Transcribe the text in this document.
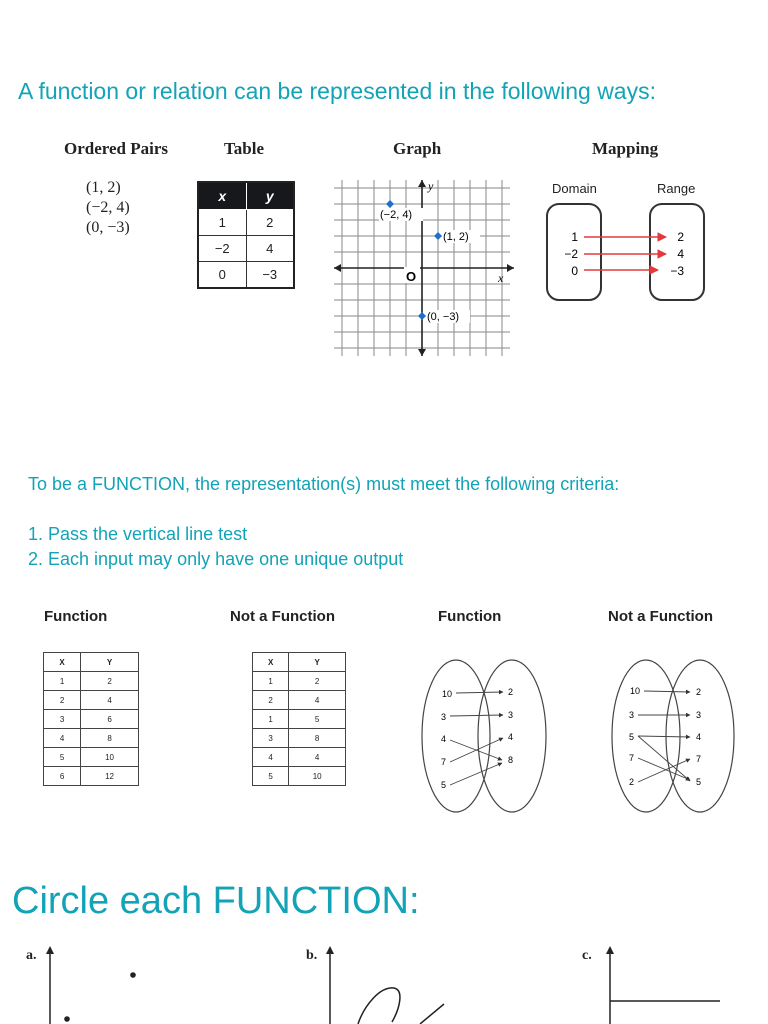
A function or relation can be represented in the following ways:
Ordered Pairs	Table	Graph	Mapping
(1, 2)
(−2, 4)
(0, −3)
x	y
1	2
−2	4
0	−3	O	x
y
(−2, 4)
(1, 2)
(0, −3)
Domain	Range
1
−2
0
2
4
−3
To be a FUNCTION, the representation(s) must meet the following criteria:
1. Pass the vertical line test
2. Each input may only have one unique output
Function	Not a Function	Function	Not a Function
X	Y
1	2
2	4
3	6
4	8
5	10
6	12
X	Y
1	2
2	4
1	5
3	8
4	4
5	10
10
3
4
7
5
2
3
4
8
10
3
5
7
2
2
3
4
7
5
Circle each FUNCTION:
a.	b.	c.
